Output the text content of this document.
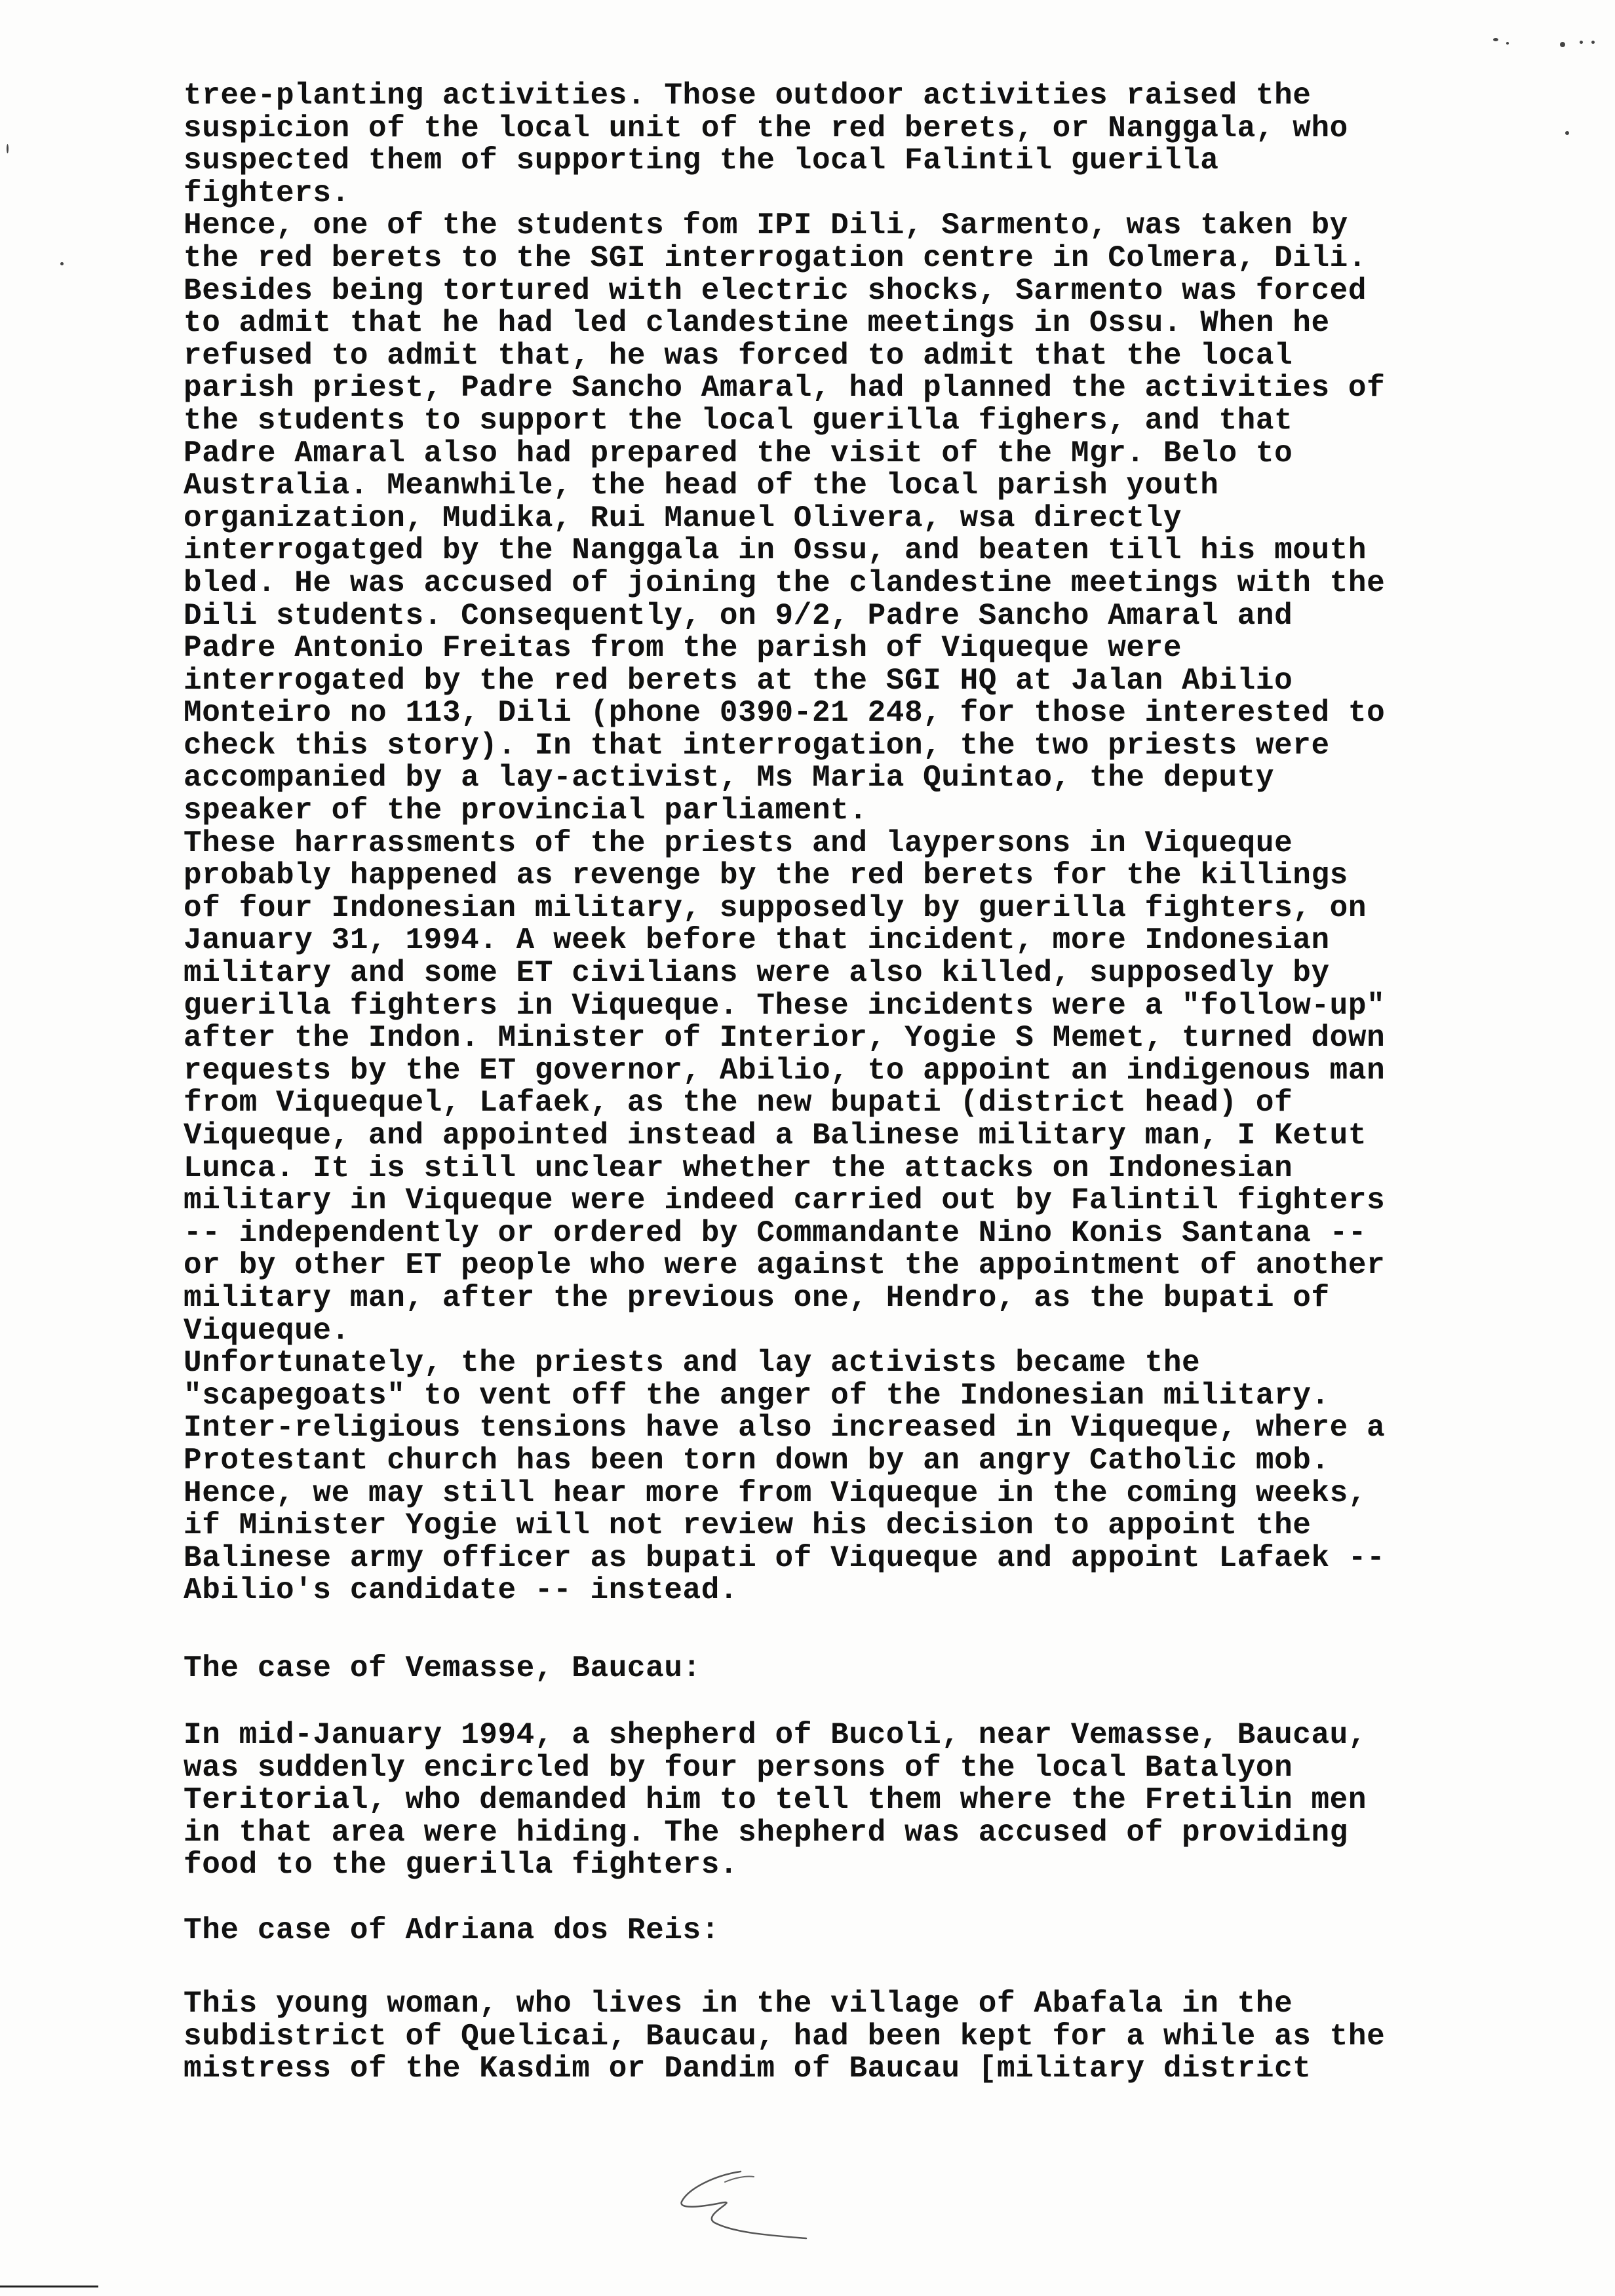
tree-planting activities. Those outdoor activities raised the
suspicion of the local unit of the red berets, or Nanggala, who
suspected them of supporting the local Falintil guerilla
fighters.
Hence, one of the students fom IPI Dili, Sarmento, was taken by
the red berets to the SGI interrogation centre in Colmera, Dili.
Besides being tortured with electric shocks, Sarmento was forced
to admit that he had led clandestine meetings in Ossu. When he
refused to admit that, he was forced to admit that the local
parish priest, Padre Sancho Amaral, had planned the activities of
the students to support the local guerilla fighers, and that
Padre Amaral also had prepared the visit of the Mgr. Belo to
Australia. Meanwhile, the head of the local parish youth
organization, Mudika, Rui Manuel Olivera, wsa directly
interrogatged by the Nanggala in Ossu, and beaten till his mouth
bled. He was accused of joining the clandestine meetings with the
Dili students. Consequently, on 9/2, Padre Sancho Amaral and
Padre Antonio Freitas from the parish of Viqueque were
interrogated by the red berets at the SGI HQ at Jalan Abilio
Monteiro no 113, Dili (phone 0390-21 248, for those interested to
check this story). In that interrogation, the two priests were
accompanied by a lay-activist, Ms Maria Quintao, the deputy
speaker of the provincial parliament.
These harrassments of the priests and laypersons in Viqueque
probably happened as revenge by the red berets for the killings
of four Indonesian military, supposedly by guerilla fighters, on
January 31, 1994. A week before that incident, more Indonesian
military and some ET civilians were also killed, supposedly by
guerilla fighters in Viqueque. These incidents were a "follow-up"
after the Indon. Minister of Interior, Yogie S Memet, turned down
requests by the ET governor, Abilio, to appoint an indigenous man
from Viquequel, Lafaek, as the new bupati (district head) of
Viqueque, and appointed instead a Balinese military man, I Ketut
Lunca. It is still unclear whether the attacks on Indonesian
military in Viqueque were indeed carried out by Falintil fighters
-- independently or ordered by Commandante Nino Konis Santana --
or by other ET people who were against the appointment of another
military man, after the previous one, Hendro, as the bupati of
Viqueque.
Unfortunately, the priests and lay activists became the
"scapegoats" to vent off the anger of the Indonesian military.
Inter-religious tensions have also increased in Viqueque, where a
Protestant church has been torn down by an angry Catholic mob.
Hence, we may still hear more from Viqueque in the coming weeks,
if Minister Yogie will not review his decision to appoint the
Balinese army officer as bupati of Viqueque and appoint Lafaek --
Abilio's candidate -- instead.
The case of Vemasse, Baucau:
In mid-January 1994, a shepherd of Bucoli, near Vemasse, Baucau,
was suddenly encircled by four persons of the local Batalyon
Teritorial, who demanded him to tell them where the Fretilin men
in that area were hiding. The shepherd was accused of providing
food to the guerilla fighters.
The case of Adriana dos Reis:
This young woman, who lives in the village of Abafala in the
subdistrict of Quelicai, Baucau, had been kept for a while as the
mistress of the Kasdim or Dandim of Baucau [military district
